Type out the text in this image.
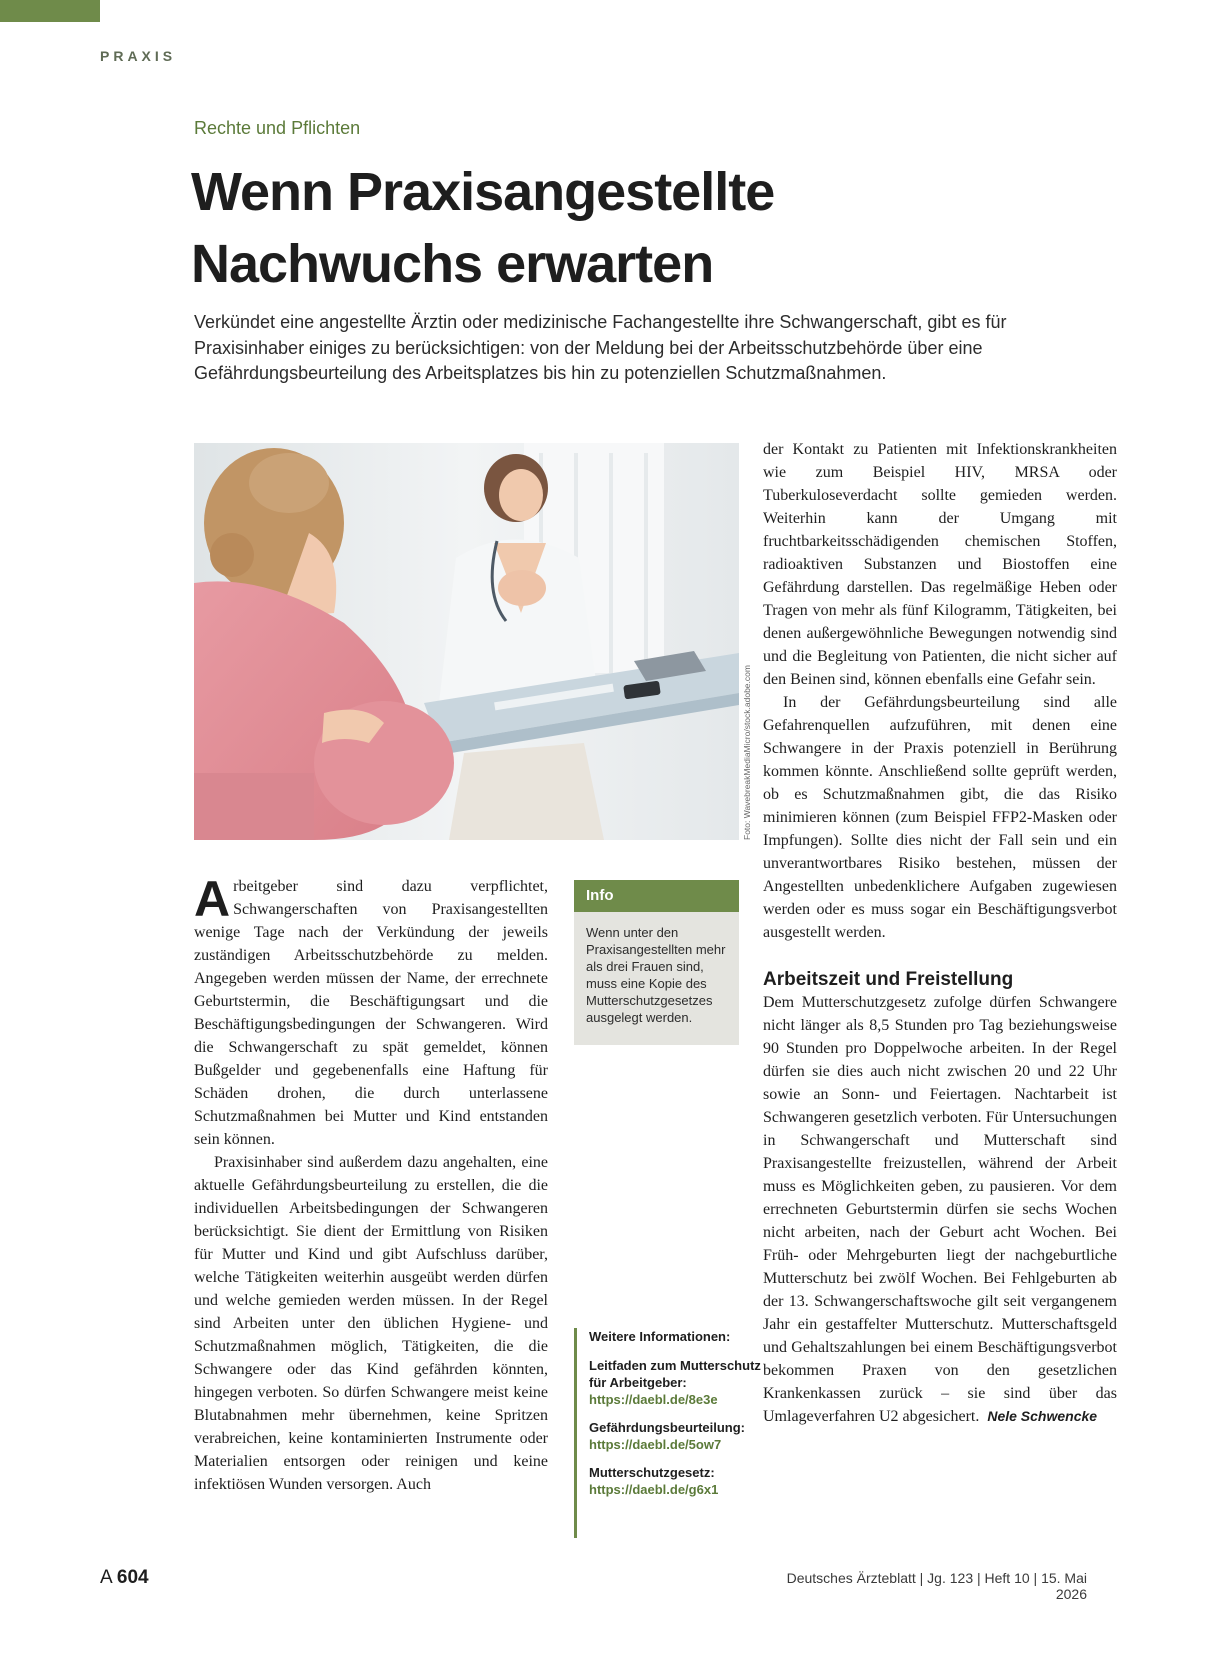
PRAXIS
Rechte und Pflichten
Wenn Praxisangestellte
Nachwuchs erwarten

Verkündet eine angestellte Ärztin oder medizinische Fachangestellte ihre Schwangerschaft, gibt es für Praxisinhaber einiges zu berücksichtigen: von der Meldung bei der Arbeitsschutzbehörde über eine Gefährdungsbeurteilung des Arbeitsplatzes bis hin zu potenziellen Schutzmaßnahmen.

Foto: WavebreakMediaMicro/stock.adobe.com

Arbeitgeber sind dazu verpflichtet, Schwangerschaften von Praxisangestellten wenige Tage nach der Verkündung der jeweils zuständigen Arbeitsschutzbehörde zu melden. Angegeben werden müssen der Name, der errechnete Geburtstermin, die Beschäftigungsart und die Beschäftigungsbedingungen der Schwangeren. Wird die Schwangerschaft zu spät gemeldet, können Bußgelder und gegebenenfalls eine Haftung für Schäden drohen, die durch unterlassene Schutzmaßnahmen bei Mutter und Kind entstanden sein können.

Praxisinhaber sind außerdem dazu angehalten, eine aktuelle Gefährdungsbeurteilung zu erstellen, die die individuellen Arbeitsbedingungen der Schwangeren berücksichtigt. Sie dient der Ermittlung von Risiken für Mutter und Kind und gibt Aufschluss darüber, welche Tätigkeiten weiterhin ausgeübt werden dürfen und welche gemieden werden müssen. In der Regel sind Arbeiten unter den üblichen Hygiene- und Schutzmaßnahmen möglich, Tätigkeiten, die die Schwangere oder das Kind gefährden könnten, hingegen verboten. So dürfen Schwangere meist keine Blutabnahmen mehr übernehmen, keine Spritzen verabreichen, keine kontaminierten Instrumente oder Materialien entsorgen oder reinigen und keine infektiösen Wunden versorgen. Auch

Info
Wenn unter den Praxisangestellten mehr als drei Frauen sind, muss eine Kopie des Mutterschutzgesetzes ausgelegt werden.
Weitere Informationen:
Leitfaden zum Mutterschutz für Arbeitgeber:
https://daebl.de/8e3e
Gefährdungsbeurteilung:
https://daebl.de/5ow7
Mutterschutzgesetz:
https://daebl.de/g6x1

der Kontakt zu Patienten mit Infektionskrankheiten wie zum Beispiel HIV, MRSA oder Tuberkuloseverdacht sollte gemieden werden. Weiterhin kann der Umgang mit fruchtbarkeitsschädigenden chemischen Stoffen, radioaktiven Substanzen und Biostoffen eine Gefährdung darstellen. Das regelmäßige Heben oder Tragen von mehr als fünf Kilogramm, Tätigkeiten, bei denen außergewöhnliche Bewegungen notwendig sind und die Begleitung von Patienten, die nicht sicher auf den Beinen sind, können ebenfalls eine Gefahr sein.

In der Gefährdungsbeurteilung sind alle Gefahrenquellen aufzuführen, mit denen eine Schwangere in der Praxis potenziell in Berührung kommen könnte. Anschließend sollte geprüft werden, ob es Schutzmaßnahmen gibt, die das Risiko minimieren können (zum Beispiel FFP2-Masken oder Impfungen). Sollte dies nicht der Fall sein und ein unverantwortbares Risiko bestehen, müssen der Angestellten unbedenklichere Aufgaben zugewiesen werden oder es muss sogar ein Beschäftigungsverbot ausgestellt werden.

Arbeitszeit und Freistellung

Dem Mutterschutzgesetz zufolge dürfen Schwangere nicht länger als 8,5 Stunden pro Tag beziehungsweise 90 Stunden pro Doppelwoche arbeiten. In der Regel dürfen sie dies auch nicht zwischen 20 und 22 Uhr sowie an Sonn- und Feiertagen. Nachtarbeit ist Schwangeren gesetzlich verboten. Für Untersuchungen in Schwangerschaft und Mutterschaft sind Praxisangestellte freizustellen, während der Arbeit muss es Möglichkeiten geben, zu pausieren. Vor dem errechneten Geburtstermin dürfen sie sechs Wochen nicht arbeiten, nach der Geburt acht Wochen. Bei Früh- oder Mehrgeburten liegt der nachgeburtliche Mutterschutz bei zwölf Wochen. Bei Fehlgeburten ab der 13. Schwangerschaftswoche gilt seit vergangenem Jahr ein gestaffelter Mutterschutz. Mutterschaftsgeld und Gehaltszahlungen bei einem Beschäftigungsverbot bekommen Praxen von den gesetzlichen Krankenkassen zurück – sie sind über das Umlageverfahren U2 abgesichert. Nele Schwencke

A 604	Deutsches Ärzteblatt | Jg. 123 | Heft 10 | 15. Mai 2026
